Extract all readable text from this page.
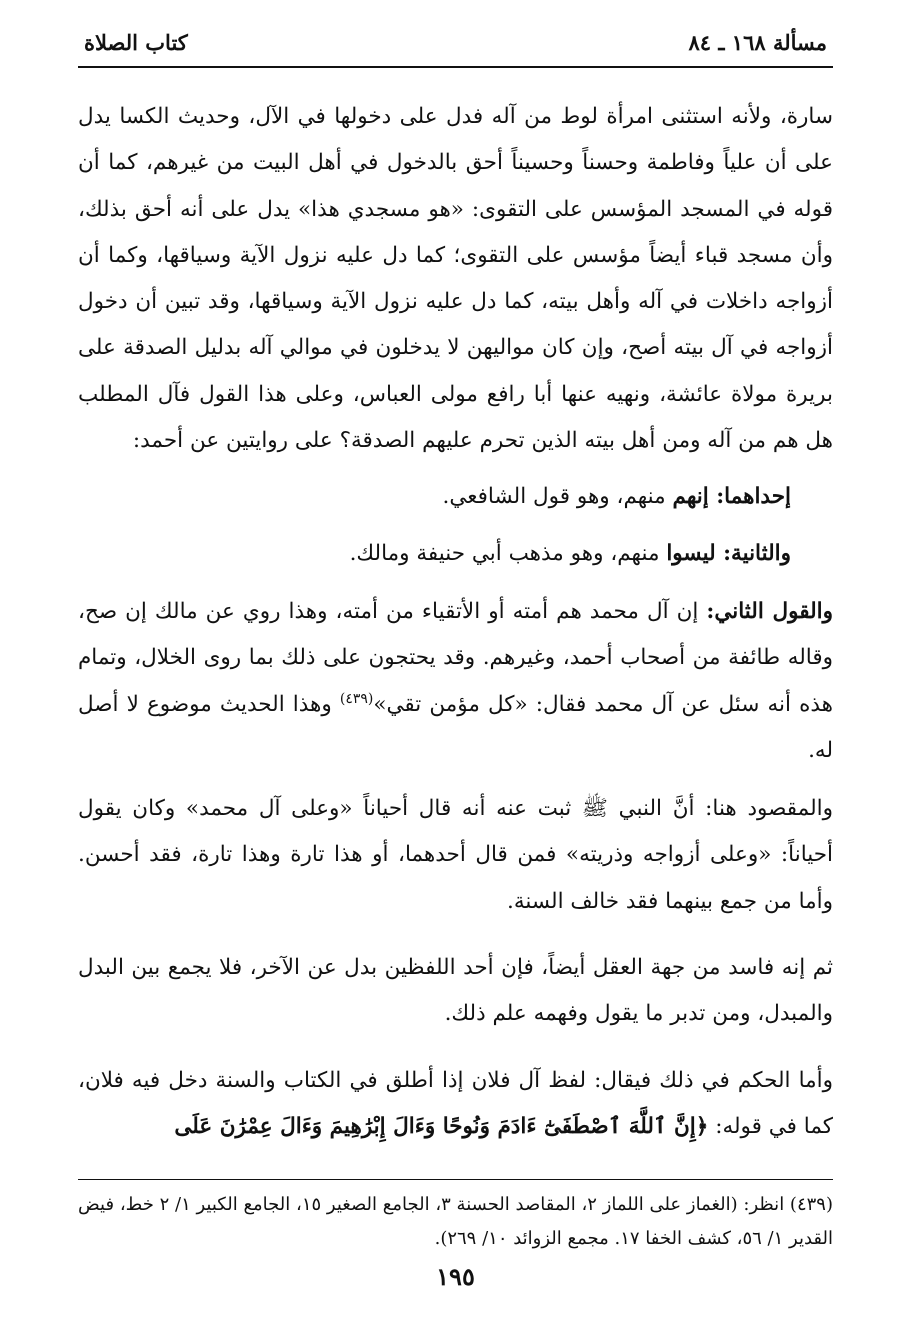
مسألة ١٦٨ ـ ٨٤
كتاب الصلاة

سارة، ولأنه استثنى امرأة لوط من آله فدل على دخولها في الآل، وحديث الكسا يدل على أن علياً وفاطمة وحسناً وحسيناً أحق بالدخول في أهل البيت من غيرهم، كما أن قوله في المسجد المؤسس على التقوى: «هو مسجدي هذا» يدل على أنه أحق بذلك، وأن مسجد قباء أيضاً مؤسس على التقوى؛ كما دل عليه نزول الآية وسياقها، وكما أن أزواجه داخلات في آله وأهل بيته، كما دل عليه نزول الآية وسياقها، وقد تبين أن دخول أزواجه في آل بيته أصح، وإن كان مواليهن لا يدخلون في موالي آله بدليل الصدقة على بريرة مولاة عائشة، ونهيه عنها أبا رافع مولى العباس، وعلى هذا القول فآل المطلب هل هم من آله ومن أهل بيته الذين تحرم عليهم الصدقة؟ على روايتين عن أحمد:

إحداهما: إنهم منهم، وهو قول الشافعي.

والثانية: ليسوا منهم، وهو مذهب أبي حنيفة ومالك.

والقول الثاني: إن آل محمد هم أمته أو الأتقياء من أمته، وهذا روي عن مالك إن صح، وقاله طائفة من أصحاب أحمد، وغيرهم. وقد يحتجون على ذلك بما روى الخلال، وتمام هذه أنه سئل عن آل محمد فقال: «كل مؤمن تقي»$^{(٤٣٩)}$ وهذا الحديث موضوع لا أصل له.

والمقصود هنا: أنَّ النبي ﷺ ثبت عنه أنه قال أحياناً «وعلى آل محمد» وكان يقول أحياناً: «وعلى أزواجه وذريته» فمن قال أحدهما، أو هذا تارة وهذا تارة، فقد أحسن. وأما من جمع بينهما فقد خالف السنة.

ثم إنه فاسد من جهة العقل أيضاً، فإن أحد اللفظين بدل عن الآخر، فلا يجمع بين البدل والمبدل، ومن تدبر ما يقول وفهمه علم ذلك.

وأما الحكم في ذلك فيقال: لفظ آل فلان إذا أطلق في الكتاب والسنة دخل فيه فلان، كما في قوله: ﴿إِنَّ ٱللَّهَ ٱصْطَفَىٰٓ ءَادَمَ وَنُوحًا وَءَالَ إِبْرَٰهِيمَ وَءَالَ عِمْرَٰنَ عَلَى

(٤٣٩) انظر: (الغماز على اللماز ٢، المقاصد الحسنة ٣، الجامع الصغير ١٥، الجامع الكبير ١/ ٢ خط، فيض القدير ١/ ٥٦، كشف الخفا ١٧. مجمع الزوائد ١٠/ ٢٦٩).

١٩٥
